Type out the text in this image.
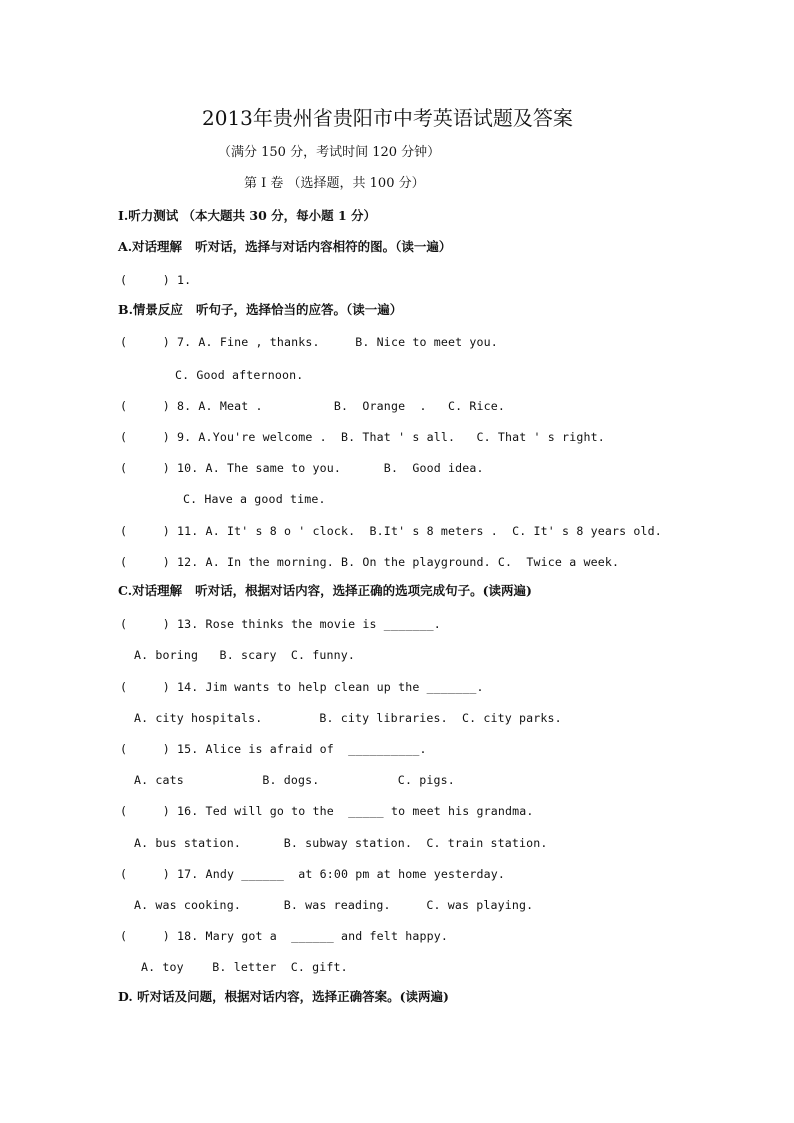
2013年贵州省贵阳市中考英语试题及答案
（满分 150 分，考试时间 120 分钟）
第 I 卷 （选择题，共 100 分）
Ⅰ.听力测试 （本大题共 30 分，每小题 1 分）
A.对话理解   听对话，选择与对话内容相符的图。（读一遍）
(     ) 1.
B.情景反应   听句子，选择恰当的应答。（读一遍）
(     ) 7. A. Fine , thanks.     B. Nice to meet you.
C. Good afternoon.
(     ) 8. A. Meat .          B.  Orange  .   C. Rice.
(     ) 9. A.You're welcome .  B. That ' s all.   C. That ' s right.
(     ) 10. A. The same to you.      B.  Good idea.
C. Have a good time.
(     ) 11. A. It' s 8 o ' clock.  B.It' s 8 meters .  C. It' s 8 years old.
(     ) 12. A. In the morning. B. On the playground. C.  Twice a week.
C.对话理解   听对话，根据对话内容，选择正确的选项完成句子。(读两遍)
(     ) 13. Rose thinks the movie is _______.
A. boring   B. scary  C. funny.
(     ) 14. Jim wants to help clean up the _______.
A. city hospitals.        B. city libraries.  C. city parks.
(     ) 15. Alice is afraid of  __________.
A. cats           B. dogs.           C. pigs.
(     ) 16. Ted will go to the  _____ to meet his grandma.
A. bus station.      B. subway station.  C. train station.
(     ) 17. Andy ______  at 6:00 pm at home yesterday.
A. was cooking.      B. was reading.     C. was playing.
(     ) 18. Mary got a  ______ and felt happy.
A. toy    B. letter  C. gift.
D. 听对话及问题，根据对话内容，选择正确答案。(读两遍)
